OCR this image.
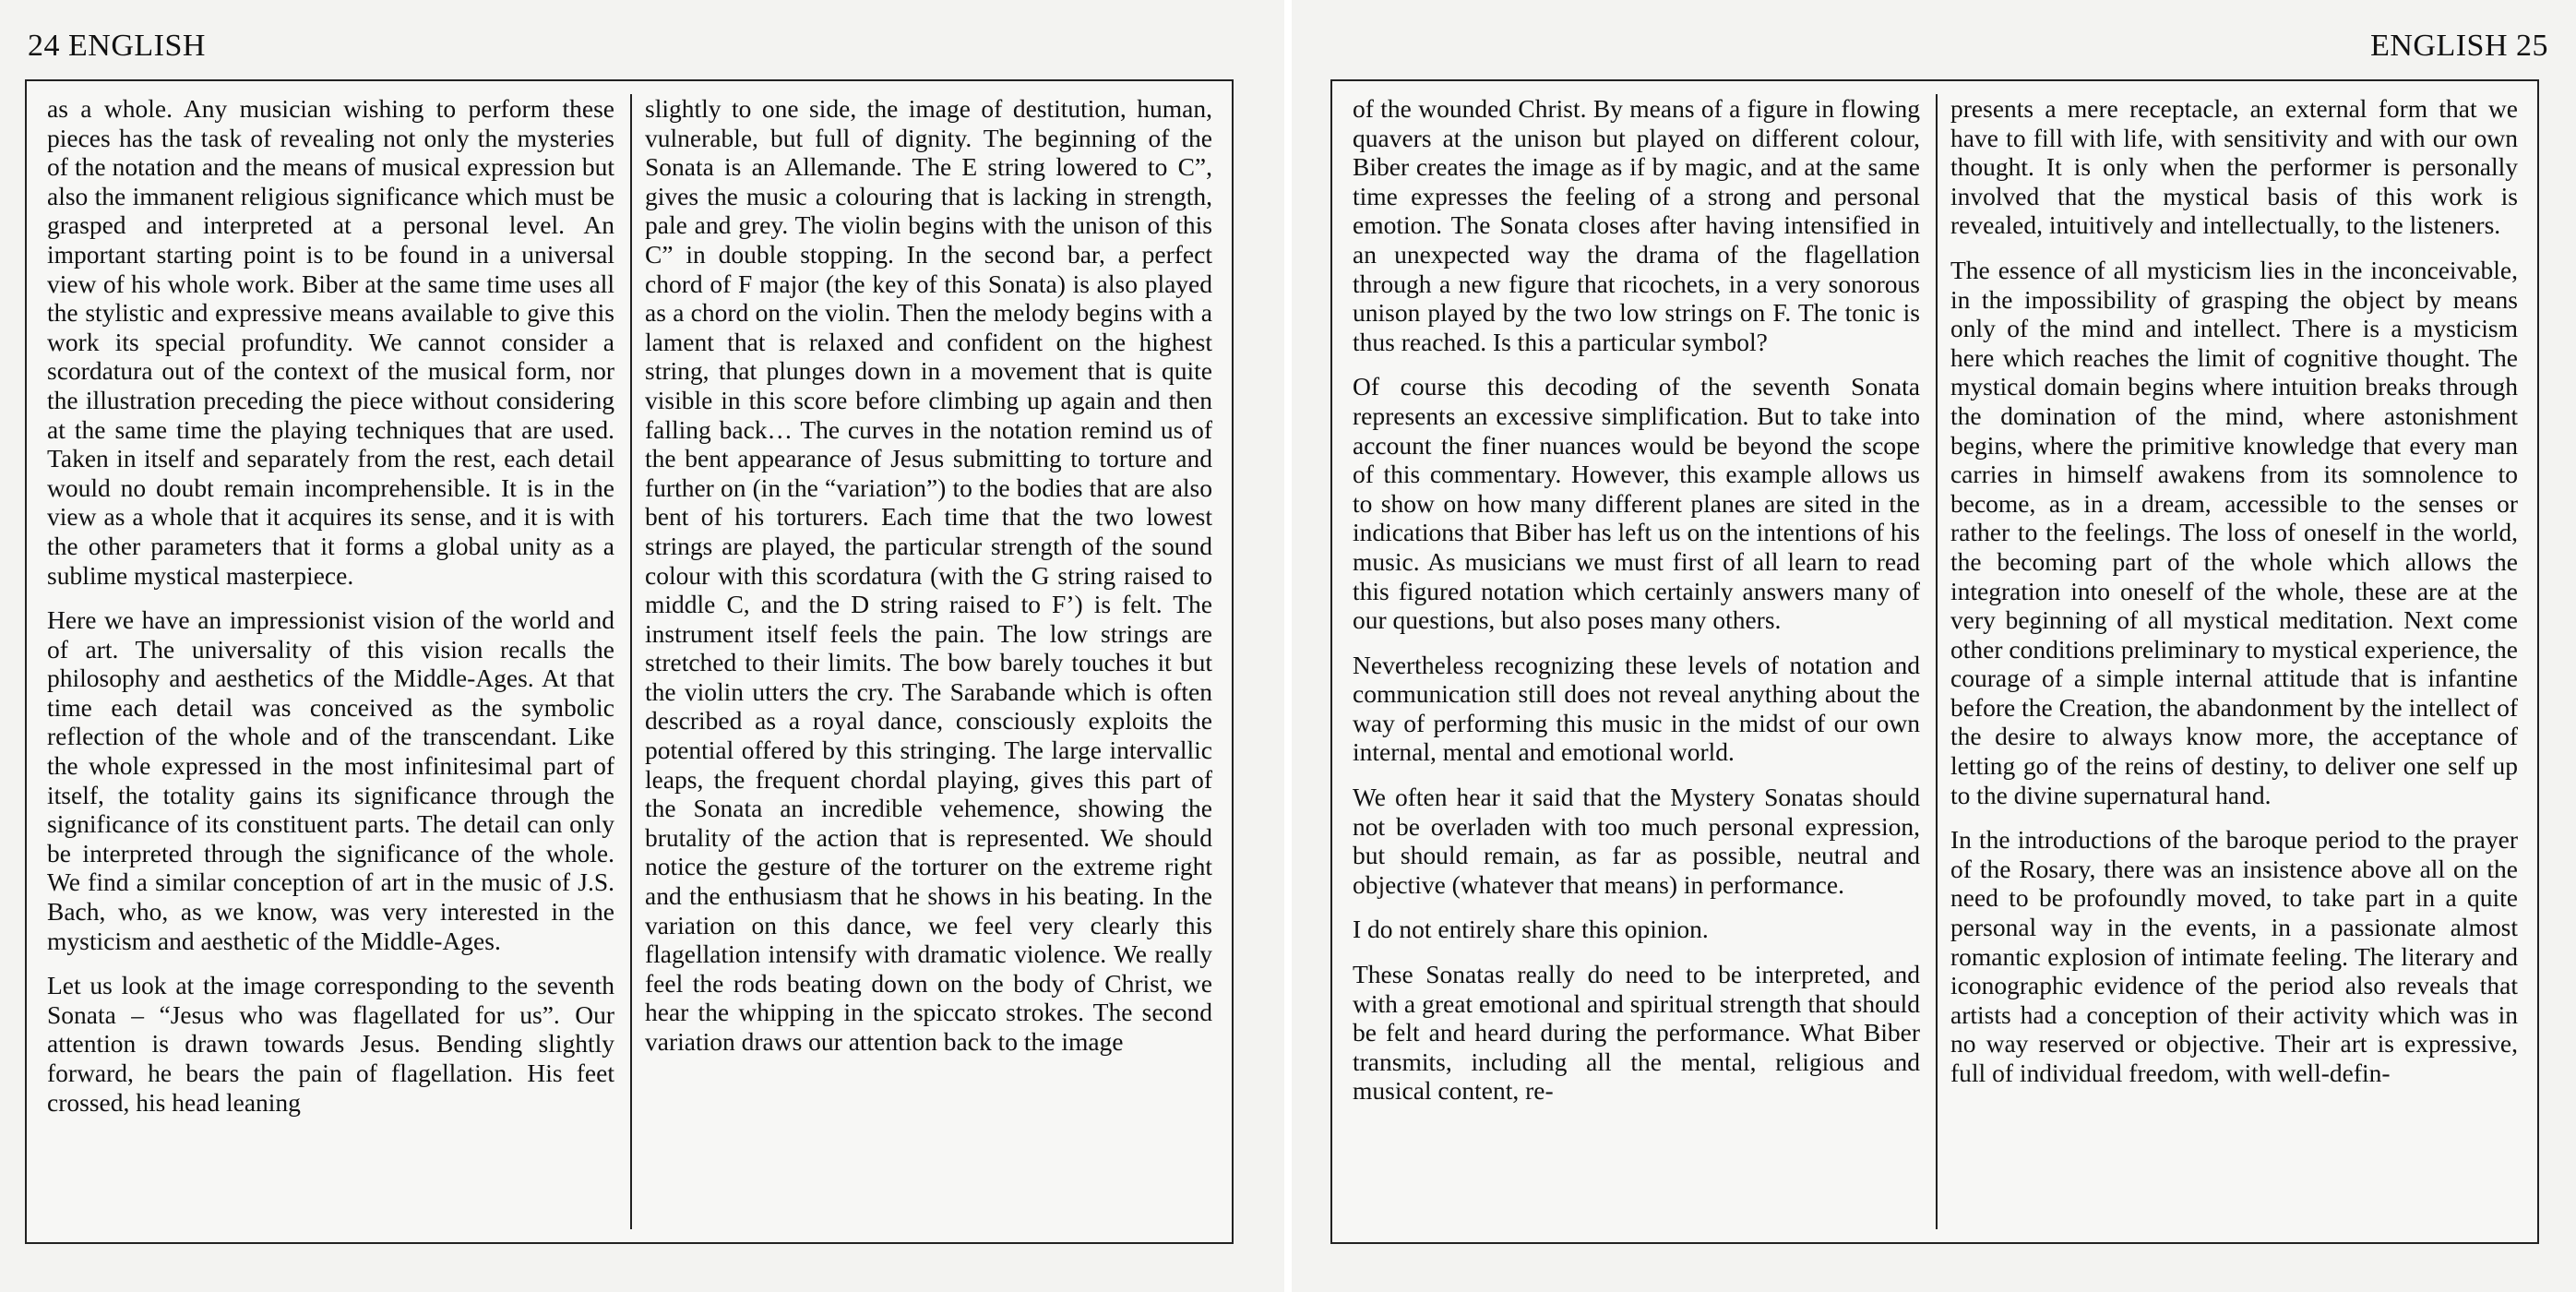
24 ENGLISH

as a whole. Any musician wishing to perform these pieces has the task of revealing not only the mysteries of the notation and the means of musical expression but also the immanent religious significance which must be grasped and interpreted at a personal level. An important starting point is to be found in a universal view of his whole work. Biber at the same time uses all the stylistic and expressive means available to give this work its special profundity. We cannot consider a scordatura out of the context of the musical form, nor the illustration preceding the piece without considering at the same time the playing techniques that are used. Taken in itself and separately from the rest, each detail would no doubt remain incomprehensible. It is in the view as a whole that it acquires its sense, and it is with the other parameters that it forms a global unity as a sublime mystical masterpiece.

Here we have an impressionist vision of the world and of art. The universality of this vision recalls the philosophy and aesthetics of the Middle-Ages. At that time each detail was conceived as the symbolic reflection of the whole and of the transcendant. Like the whole expressed in the most infinitesimal part of itself, the totality gains its significance through the significance of its constituent parts. The detail can only be interpreted through the significance of the whole. We find a similar conception of art in the music of J.S. Bach, who, as we know, was very interested in the mysticism and aesthetic of the Middle-Ages.

Let us look at the image corresponding to the seventh Sonata – “Jesus who was flagellated for us”. Our attention is drawn towards Jesus. Bending slightly forward, he bears the pain of flagellation. His feet crossed, his head leaning

slightly to one side, the image of destitution, human, vulnerable, but full of dignity. The beginning of the Sonata is an Allemande. The E string lowered to C”, gives the music a colouring that is lacking in strength, pale and grey. The violin begins with the unison of this C” in double stopping. In the second bar, a perfect chord of F major (the key of this Sonata) is also played as a chord on the violin. Then the melody begins with a lament that is relaxed and confident on the highest string, that plunges down in a movement that is quite visible in this score before climbing up again and then falling back… The curves in the notation remind us of the bent appearance of Jesus submitting to torture and further on (in the “variation”) to the bodies that are also bent of his torturers. Each time that the two lowest strings are played, the particular strength of the sound colour with this scordatura (with the G string raised to middle C, and the D string raised to F’) is felt. The instrument itself feels the pain. The low strings are stretched to their limits. The bow barely touches it but the violin utters the cry. The Sarabande which is often described as a royal dance, consciously exploits the potential offered by this stringing. The large intervallic leaps, the frequent chordal playing, gives this part of the Sonata an incredible vehemence, showing the brutality of the action that is represented. We should notice the gesture of the torturer on the extreme right and the enthusiasm that he shows in his beating. In the variation on this dance, we feel very clearly this flagellation intensify with dramatic violence. We really feel the rods beating down on the body of Christ, we hear the whipping in the spiccato strokes. The second variation draws our attention back to the image

ENGLISH 25

of the wounded Christ. By means of a figure in flowing quavers at the unison but played on different colour, Biber creates the image as if by magic, and at the same time expresses the feeling of a strong and personal emotion. The Sonata closes after having intensified in an unexpected way the drama of the flagellation through a new figure that ricochets, in a very sonorous unison played by the two low strings on F. The tonic is thus reached. Is this a particular symbol?

Of course this decoding of the seventh Sonata represents an excessive simplification. But to take into account the finer nuances would be beyond the scope of this commentary. However, this example allows us to show on how many different planes are sited in the indications that Biber has left us on the intentions of his music. As musicians we must first of all learn to read this figured notation which certainly answers many of our questions, but also poses many others.

Nevertheless recognizing these levels of notation and communication still does not reveal anything about the way of performing this music in the midst of our own internal, mental and emotional world.

We often hear it said that the Mystery Sonatas should not be overladen with too much personal expression, but should remain, as far as possible, neutral and objective (whatever that means) in performance.

I do not entirely share this opinion.

These Sonatas really do need to be interpreted, and with a great emotional and spiritual strength that should be felt and heard during the performance. What Biber transmits, including all the mental, religious and musical content, re-

presents a mere receptacle, an external form that we have to fill with life, with sensitivity and with our own thought. It is only when the performer is personally involved that the mystical basis of this work is revealed, intuitively and intellectually, to the listeners.

The essence of all mysticism lies in the inconceivable, in the impossibility of grasping the object by means only of the mind and intellect. There is a mysticism here which reaches the limit of cognitive thought. The mystical domain begins where intuition breaks through the domination of the mind, where astonishment begins, where the primitive knowledge that every man carries in himself awakens from its somnolence to become, as in a dream, accessible to the senses or rather to the feelings. The loss of oneself in the world, the becoming part of the whole which allows the integration into oneself of the whole, these are at the very beginning of all mystical meditation. Next come other conditions preliminary to mystical experience, the courage of a simple internal attitude that is infantine before the Creation, the abandonment by the intellect of the desire to always know more, the acceptance of letting go of the reins of destiny, to deliver one self up to the divine supernatural hand.

In the introductions of the baroque period to the prayer of the Rosary, there was an insistence above all on the need to be profoundly moved, to take part in a quite personal way in the events, in a passionate almost romantic explosion of intimate feeling. The literary and iconographic evidence of the period also reveals that artists had a conception of their activity which was in no way reserved or objective. Their art is expressive, full of individual freedom, with well-defin-
